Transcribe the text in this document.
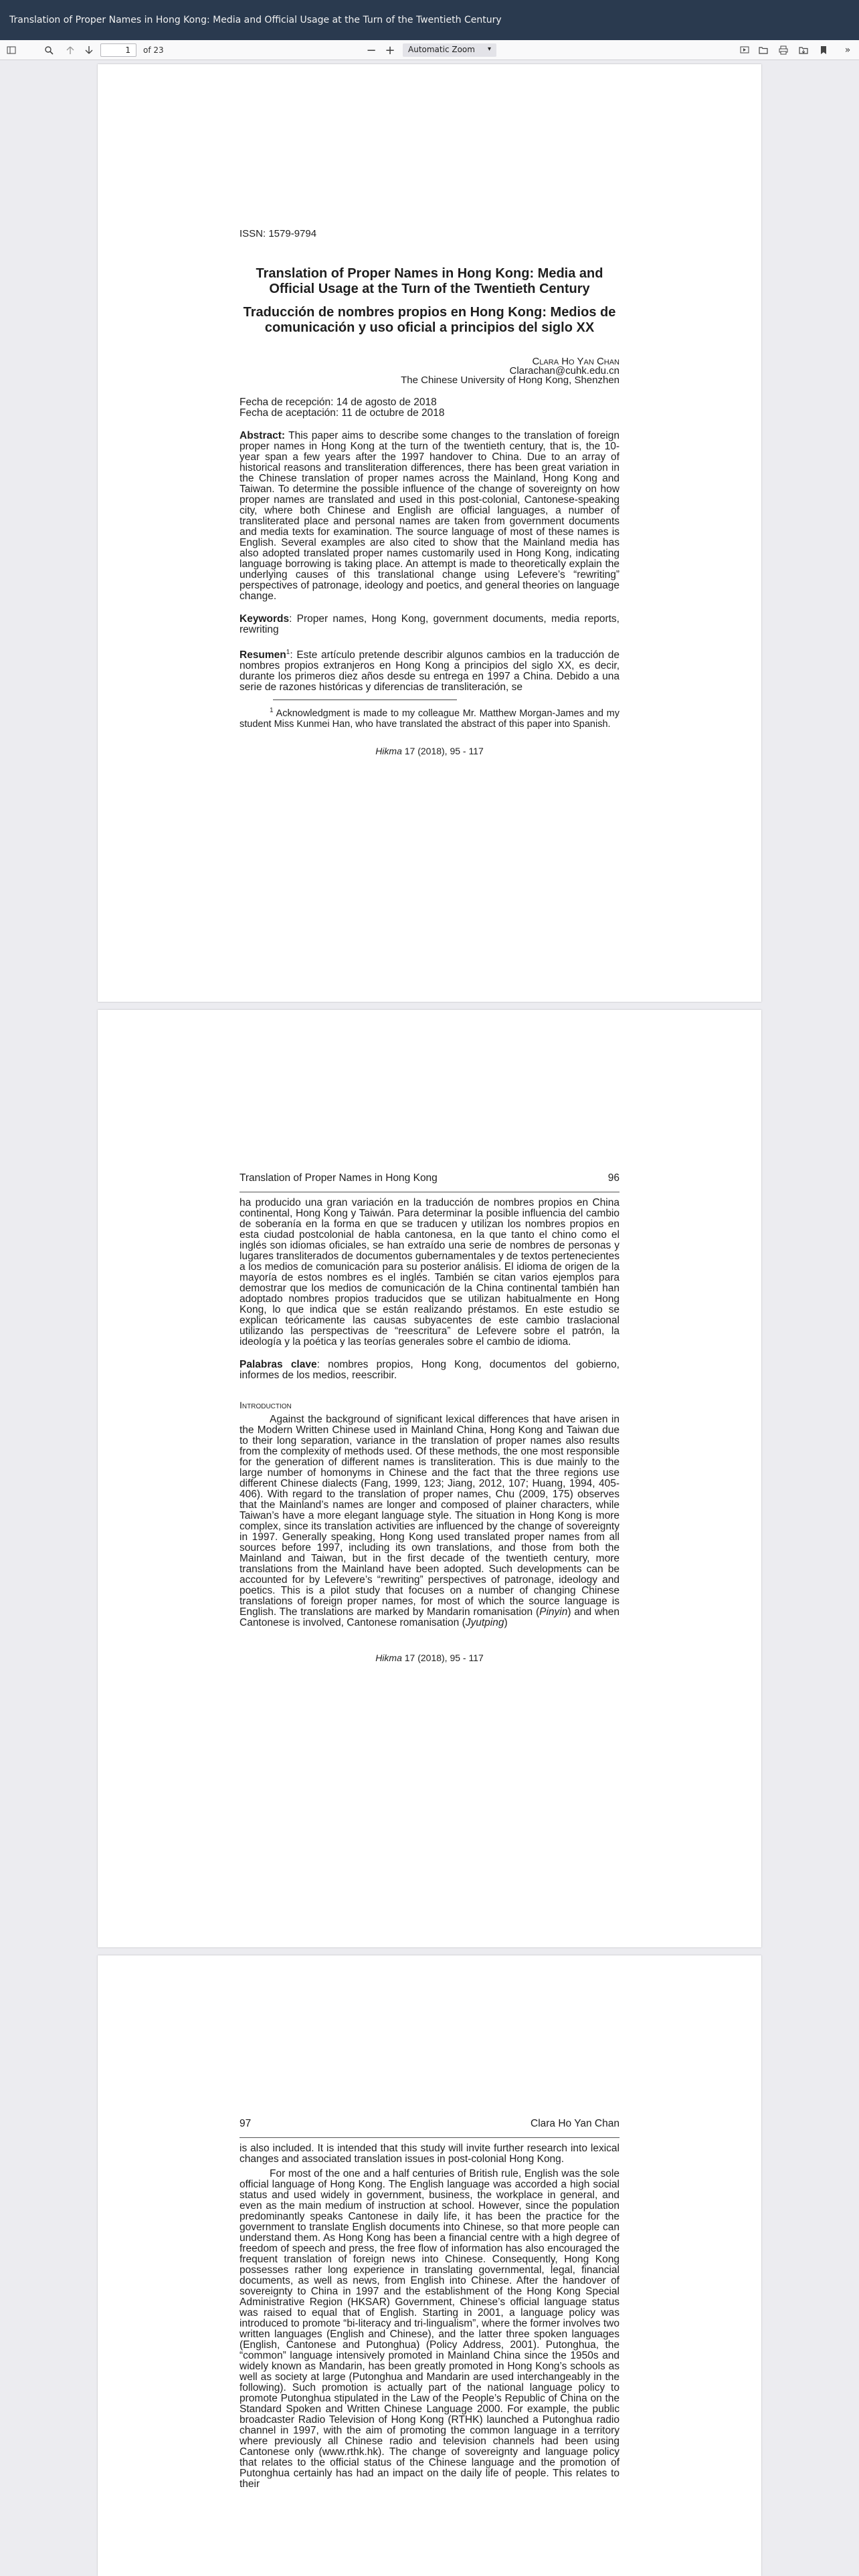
Translation of Proper Names in Hong Kong: Media and Official Usage at the Turn of the Twentieth Century
1	of 23	− +	Automatic Zoom ▾	»
ISSN: 1579-9794
Translation of Proper Names in Hong Kong: Media and Official Usage at the Turn of the Twentieth Century
Traducción de nombres propios en Hong Kong: Medios de comunicación y uso oficial a principios del siglo XX
Clara Ho Yan Chan
Clarachan@cuhk.edu.cn
The Chinese University of Hong Kong, Shenzhen
Fecha de recepción: 14 de agosto de 2018
Fecha de aceptación: 11 de octubre de 2018

Abstract: This paper aims to describe some changes to the translation of foreign proper names in Hong Kong at the turn of the twentieth century, that is, the 10-year span a few years after the 1997 handover to China. Due to an array of historical reasons and transliteration differences, there has been great variation in the Chinese translation of proper names across the Mainland, Hong Kong and Taiwan. To determine the possible influence of the change of sovereignty on how proper names are translated and used in this post-colonial, Cantonese-speaking city, where both Chinese and English are official languages, a number of transliterated place and personal names are taken from government documents and media texts for examination. The source language of most of these names is English. Several examples are also cited to show that the Mainland media has also adopted translated proper names customarily used in Hong Kong, indicating language borrowing is taking place. An attempt is made to theoretically explain the underlying causes of this translational change using Lefevere’s “rewriting” perspectives of patronage, ideology and poetics, and general theories on language change.

Keywords: Proper names, Hong Kong, government documents, media reports, rewriting

Resumen$^1$: Este artículo pretende describir algunos cambios en la traducción de nombres propios extranjeros en Hong Kong a principios del siglo XX, es decir, durante los primeros diez años desde su entrega en 1997 a China. Debido a una serie de razones históricas y diferencias de transliteración, se

$^1$ Acknowledgment is made to my colleague Mr. Matthew Morgan-James and my student Miss Kunmei Han, who have translated the abstract of this paper into Spanish.

Hikma 17 (2018), 95 - 117
Translation of Proper Names in Hong Kong	96

ha producido una gran variación en la traducción de nombres propios en China continental, Hong Kong y Taiwán. Para determinar la posible influencia del cambio de soberanía en la forma en que se traducen y utilizan los nombres propios en esta ciudad postcolonial de habla cantonesa, en la que tanto el chino como el inglés son idiomas oficiales, se han extraído una serie de nombres de personas y lugares transliterados de documentos gubernamentales y de textos pertenecientes a los medios de comunicación para su posterior análisis. El idioma de origen de la mayoría de estos nombres es el inglés. También se citan varios ejemplos para demostrar que los medios de comunicación de la China continental también han adoptado nombres propios traducidos que se utilizan habitualmente en Hong Kong, lo que indica que se están realizando préstamos. En este estudio se explican teóricamente las causas subyacentes de este cambio traslacional utilizando las perspectivas de “reescritura” de Lefevere sobre el patrón, la ideología y la poética y las teorías generales sobre el cambio de idioma.

Palabras clave: nombres propios, Hong Kong, documentos del gobierno, informes de los medios, reescribir.

Introduction

Against the background of significant lexical differences that have arisen in the Modern Written Chinese used in Mainland China, Hong Kong and Taiwan due to their long separation, variance in the translation of proper names also results from the complexity of methods used. Of these methods, the one most responsible for the generation of different names is transliteration. This is due mainly to the large number of homonyms in Chinese and the fact that the three regions use different Chinese dialects (Fang, 1999, 123; Jiang, 2012, 107; Huang, 1994, 405-406). With regard to the translation of proper names, Chu (2009, 175) observes that the Mainland’s names are longer and composed of plainer characters, while Taiwan’s have a more elegant language style. The situation in Hong Kong is more complex, since its translation activities are influenced by the change of sovereignty in 1997. Generally speaking, Hong Kong used translated proper names from all sources before 1997, including its own translations, and those from both the Mainland and Taiwan, but in the first decade of the twentieth century, more translations from the Mainland have been adopted. Such developments can be accounted for by Lefevere’s “rewriting” perspectives of patronage, ideology and poetics. This is a pilot study that focuses on a number of changing Chinese translations of foreign proper names, for most of which the source language is English. The translations are marked by Mandarin romanisation (Pinyin) and when Cantonese is involved, Cantonese romanisation (Jyutping)

Hikma 17 (2018), 95 - 117
97	Clara Ho Yan Chan

is also included. It is intended that this study will invite further research into lexical changes and associated translation issues in post-colonial Hong Kong.

For most of the one and a half centuries of British rule, English was the sole official language of Hong Kong. The English language was accorded a high social status and used widely in government, business, the workplace in general, and even as the main medium of instruction at school. However, since the population predominantly speaks Cantonese in daily life, it has been the practice for the government to translate English documents into Chinese, so that more people can understand them. As Hong Kong has been a financial centre with a high degree of freedom of speech and press, the free flow of information has also encouraged the frequent translation of foreign news into Chinese. Consequently, Hong Kong possesses rather long experience in translating governmental, legal, financial documents, as well as news, from English into Chinese. After the handover of sovereignty to China in 1997 and the establishment of the Hong Kong Special Administrative Region (HKSAR) Government, Chinese’s official language status was raised to equal that of English. Starting in 2001, a language policy was introduced to promote “bi-literacy and tri-lingualism”, where the former involves two written languages (English and Chinese), and the latter three spoken languages (English, Cantonese and Putonghua) (Policy Address, 2001). Putonghua, the “common” language intensively promoted in Mainland China since the 1950s and widely known as Mandarin, has been greatly promoted in Hong Kong’s schools as well as society at large (Putonghua and Mandarin are used interchangeably in the following). Such promotion is actually part of the national language policy to promote Putonghua stipulated in the Law of the People’s Republic of China on the Standard Spoken and Written Chinese Language 2000. For example, the public broadcaster Radio Television of Hong Kong (RTHK) launched a Putonghua radio channel in 1997, with the aim of promoting the common language in a territory where previously all Chinese radio and television channels had been using Cantonese only (www.rthk.hk). The change of sovereignty and language policy that relates to the official status of the Chinese language and the promotion of Putonghua certainly has had an impact on the daily life of people. This relates to their
